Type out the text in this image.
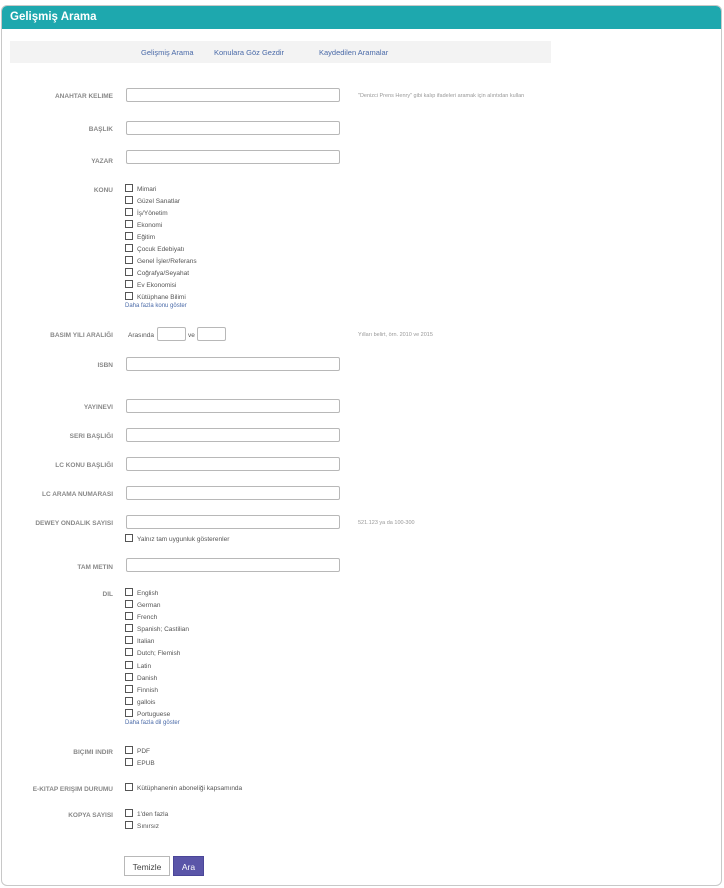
Gelişmiş Arama
Gelişmiş Arama	Konulara Göz Gezdir	Kaydedilen Aramalar
ANAHTAR KELIME	"Denizci Prens Henry" gibi kalıp ifadeleri aramak için alıntıdan kullan
BAŞLIK
YAZAR
KONU	Mimari
Güzel Sanatlar
İş/Yönetim
Ekonomi
Eğitim
Çocuk Edebiyatı
Genel İşler/Referans
Coğrafya/Seyahat
Ev Ekonomisi
Kütüphane Bilimi
Daha fazla konu göster
BASIM YILI ARALIĞI Arasında	ve	Yılları belirt, örn. 2010 ve 2015
ISBN
YAYINEVI
SERI BAŞLIĞI
LC KONU BAŞLIĞI
LC ARAMA NUMARASI
DEWEY ONDALIK SAYISI	521.123 ya da 100-300
Yalnız tam uygunluk gösterenler
TAM METIN
DIL	English
German
French
Spanish; Castilian
Italian
Dutch; Flemish
Latin
Danish
Finnish
gallois
Portuguese
Daha fazla dil göster
BIÇIMI INDIR	PDF
EPUB
E-KITAP ERIŞIM DURUMU	Kütüphanenin aboneliği kapsamında
KOPYA SAYISI	1'den fazla
Sınırsız
Temizle	Ara
